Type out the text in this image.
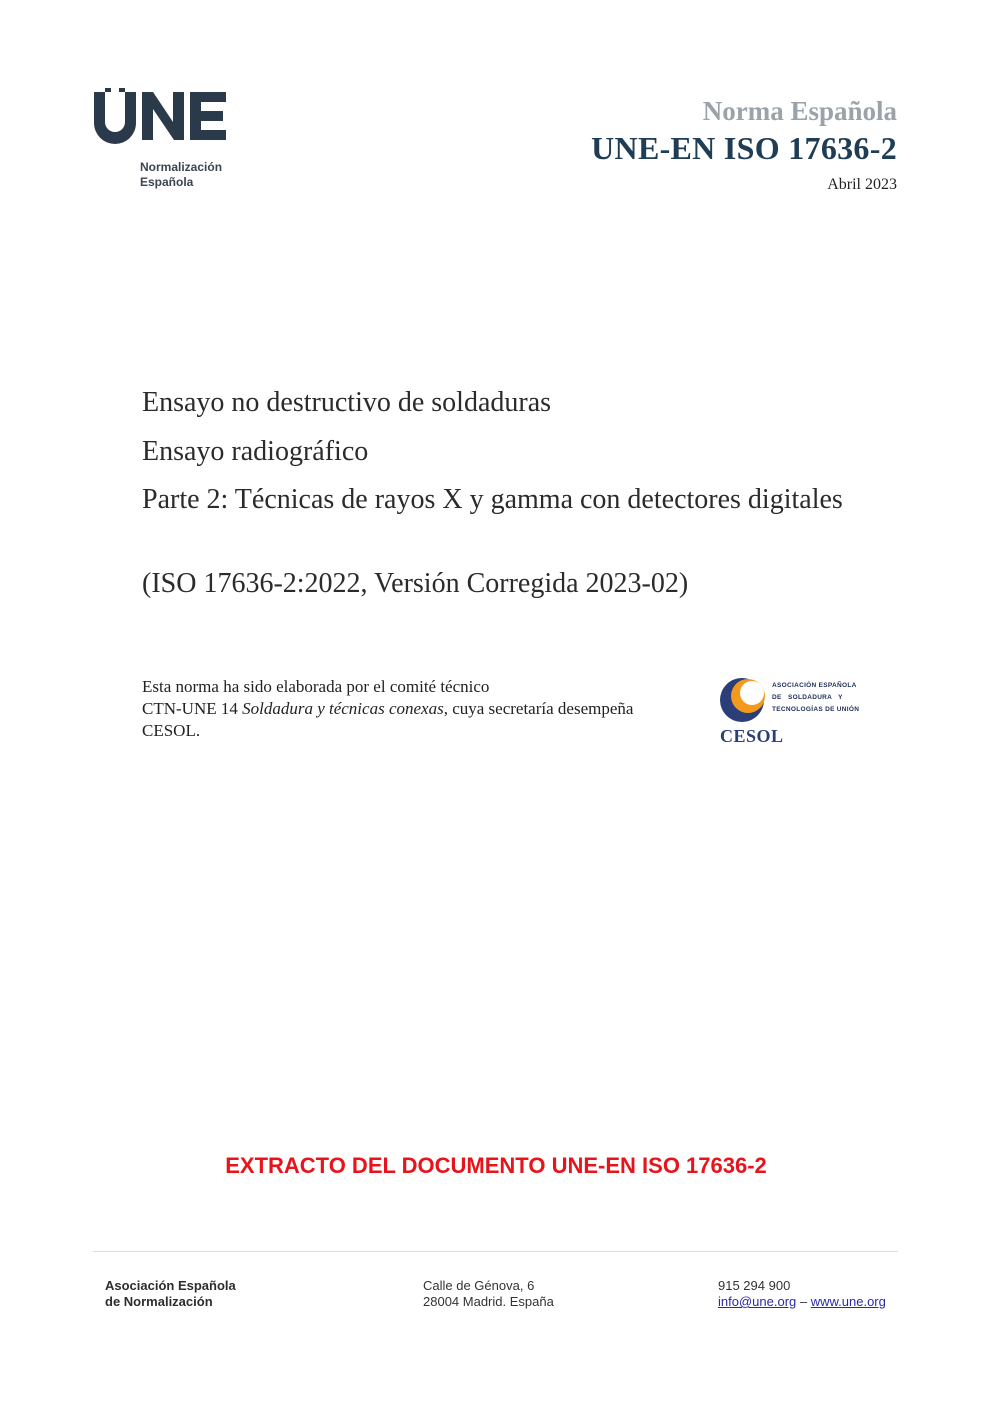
Normalización
Española
Norma Española
UNE-EN ISO 17636-2
Abril 2023
Ensayo no destructivo de soldaduras
Ensayo radiográfico
Parte 2: Técnicas de rayos X y gamma con detectores digitales
(ISO 17636-2:2022, Versión Corregida 2023-02)
Esta norma ha sido elaborada por el comité técnico
CTN-UNE 14 Soldadura y técnicas conexas, cuya secretaría desempeña CESOL.
ASOCIACIÓN ESPAÑOLA
DE   SOLDADURA   Y
TECNOLOGÍAS DE UNIÓN
CESOL
EXTRACTO DEL DOCUMENTO UNE-EN ISO 17636-2
Asociación Española
de Normalización
Calle de Génova, 6
28004 Madrid. España
915 294 900
info@une.org – www.une.org
